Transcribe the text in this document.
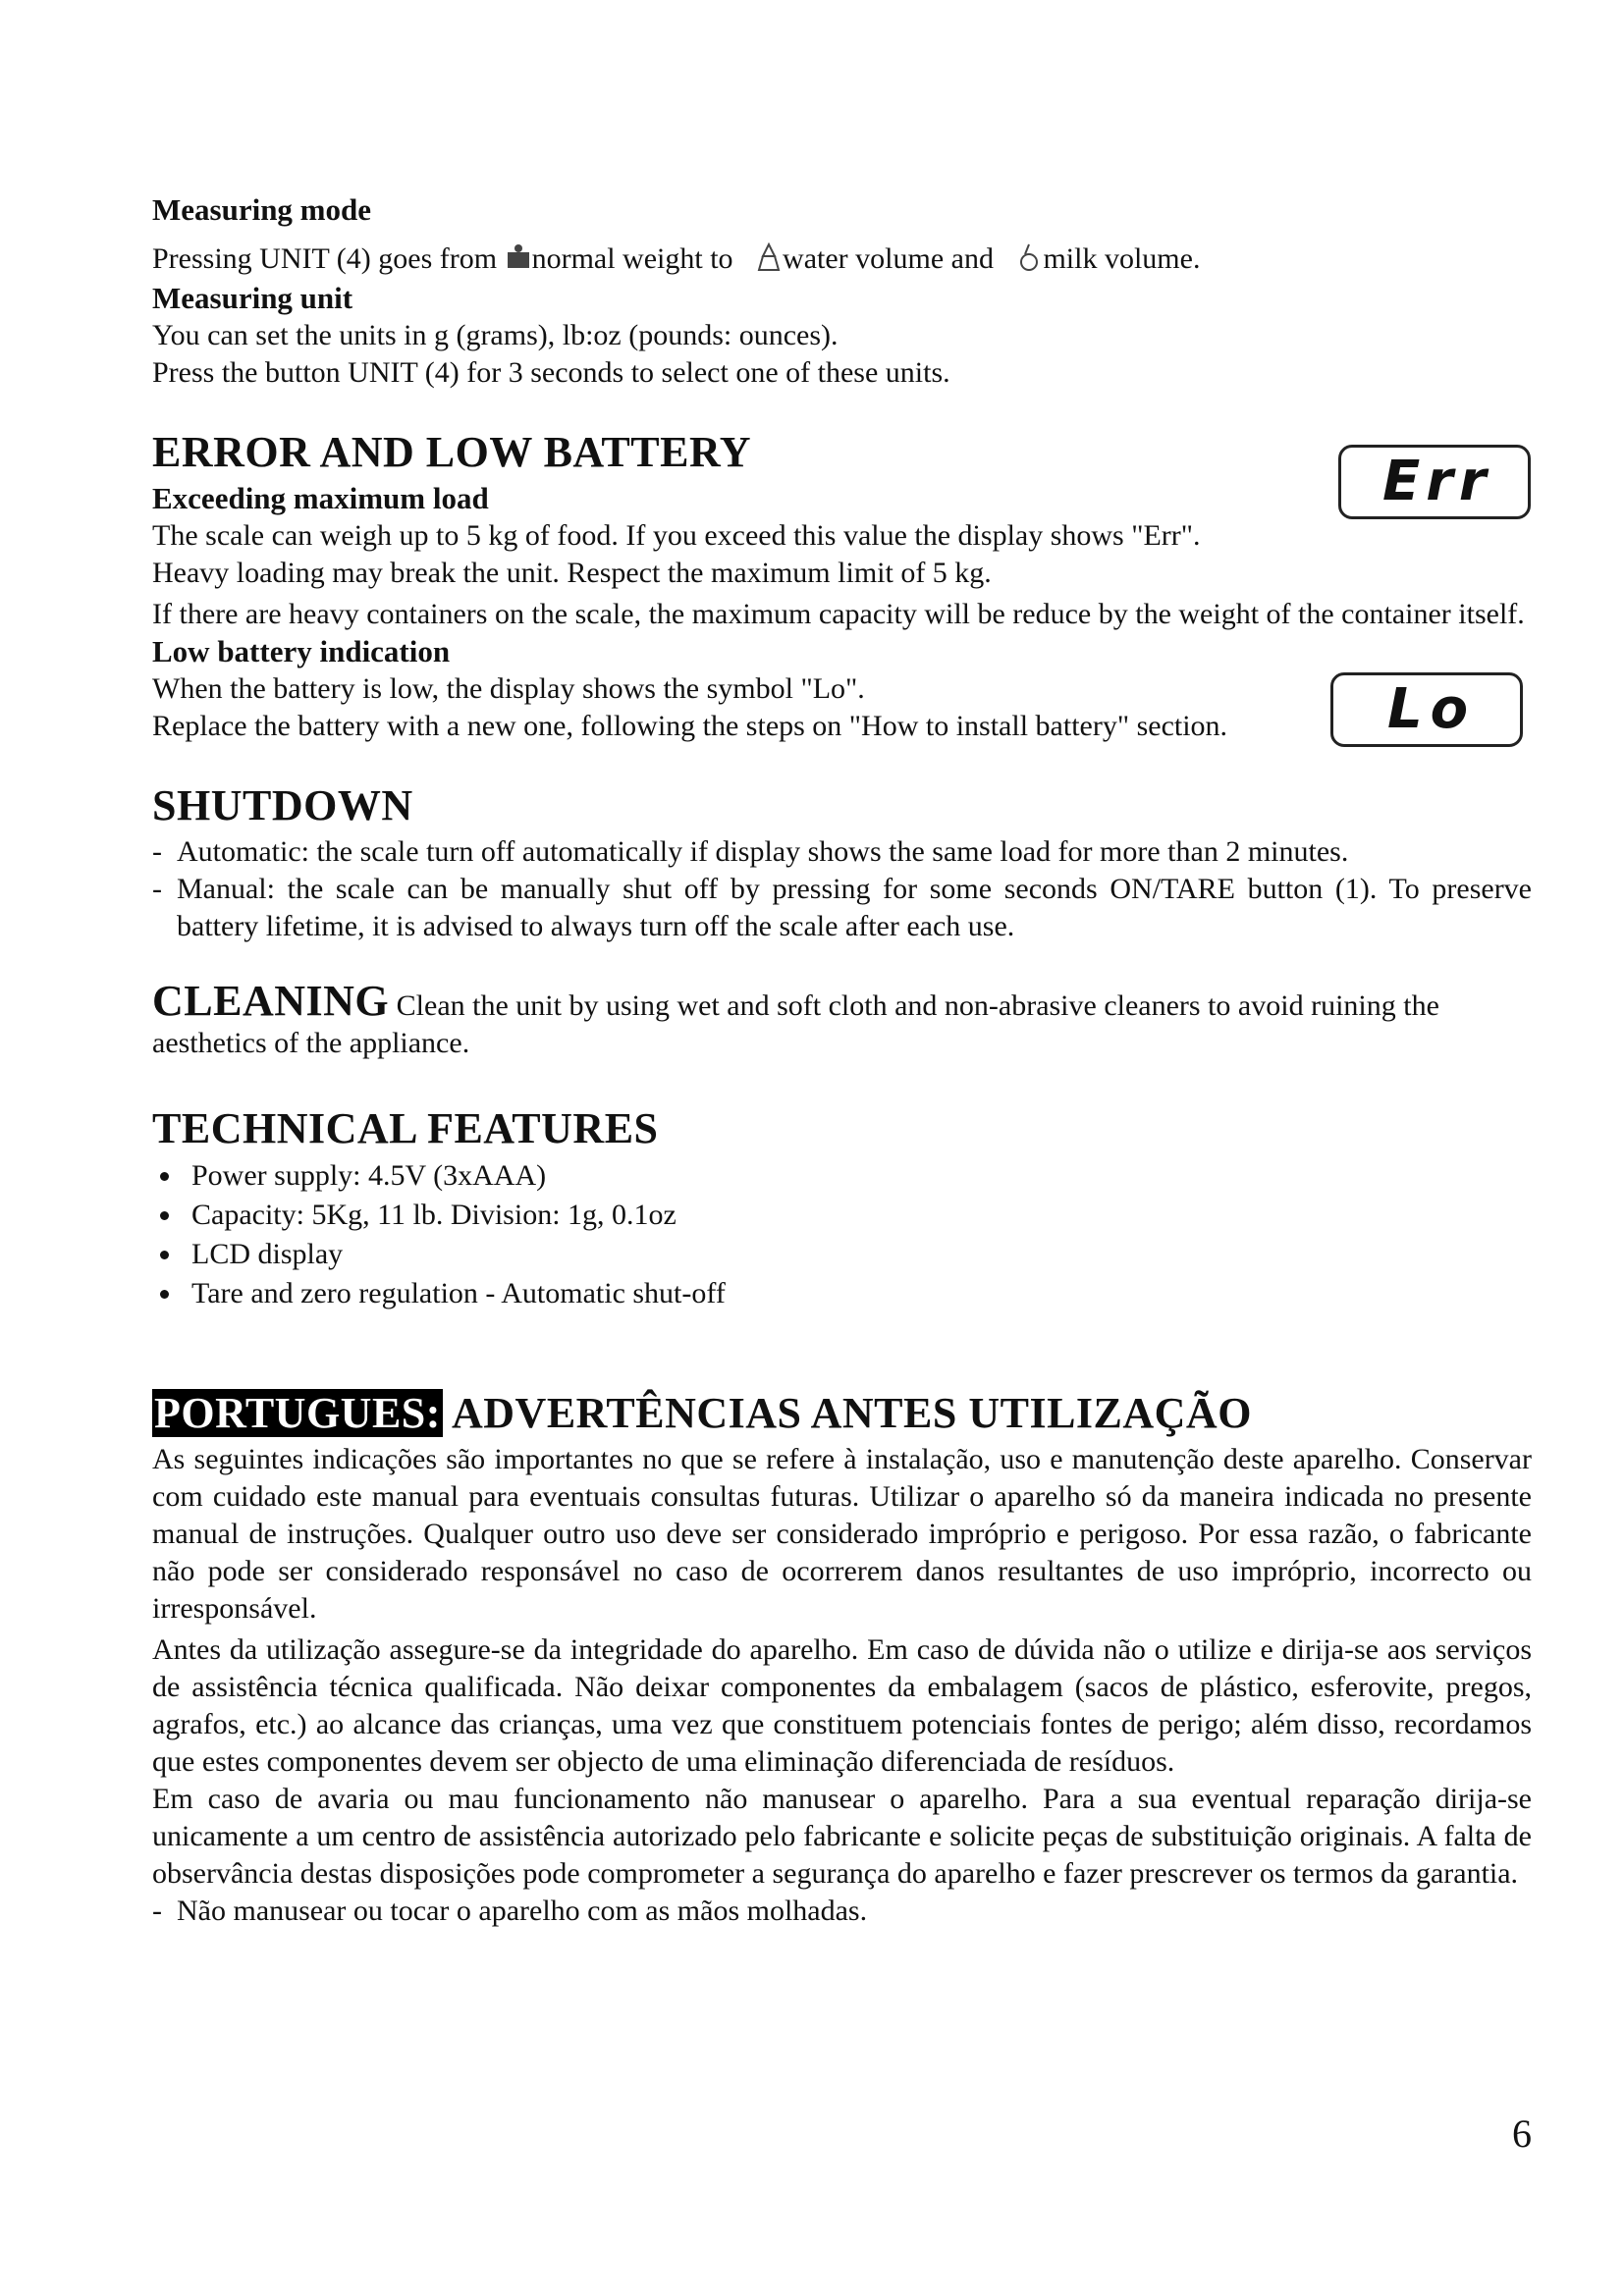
Err
Lo
Measuring mode

Pressing UNIT (4) goes from normal weight to   water volume and   milk volume.

Measuring unit

You can set the units in g (grams), lb:oz (pounds: ounces).

Press the button UNIT (4) for 3 seconds to select one of these units.

ERROR AND LOW BATTERY
Exceeding maximum load

The scale can weigh up to 5 kg of food. If you exceed this value the display shows "Err".

Heavy loading may break the unit. Respect the maximum limit of 5 kg.

If there are heavy containers on the scale, the maximum capacity will be reduce by the weight of the container itself.

Low battery indication

When the battery is low, the display shows the symbol "Lo".

Replace the battery with a new one, following the steps on "How to install battery" section.

SHUTDOWN
- Automatic: the scale turn off automatically if display shows the same load for more than 2 minutes.
- Manual: the scale can be manually shut off by pressing for some seconds ON/TARE button (1). To preserve battery lifetime, it is advised to always turn off the scale after each use.

CLEANING Clean the unit by using wet and soft cloth and non-abrasive cleaners to avoid ruining the aesthetics of the appliance.

TECHNICAL FEATURES
• Power supply: 4.5V (3xAAA)
• Capacity: 5Kg, 11 lb. Division: 1g, 0.1oz
• LCD display
• Tare and zero regulation - Automatic shut-off
PORTUGUES: ADVERTÊNCIAS ANTES UTILIZAÇÃO

As seguintes indicações são importantes no que se refere à instalação, uso e manutenção deste aparelho. Conservar com cuidado este manual para eventuais consultas futuras. Utilizar o aparelho só da maneira indicada no presente manual de instruções. Qualquer outro uso deve ser considerado impróprio e perigoso. Por essa razão, o fabricante não pode ser considerado responsável no caso de ocorrerem danos resultantes de uso impróprio, incorrecto ou irresponsável.

Antes da utilização assegure-se da integridade do aparelho. Em caso de dúvida não o utilize e dirija-se aos serviços de assistência técnica qualificada. Não deixar componentes da embalagem (sacos de plástico, esferovite, pregos, agrafos, etc.) ao alcance das crianças, uma vez que constituem potenciais fontes de perigo; além disso, recordamos que estes componentes devem ser objecto de uma eliminação diferenciada de resíduos.

Em caso de avaria ou mau funcionamento não manusear o aparelho. Para a sua eventual reparação dirija-se unicamente a um centro de assistência autorizado pelo fabricante e solicite peças de substituição originais. A falta de observância destas disposições pode comprometer a segurança do aparelho e fazer prescrever os termos da garantia.

- Não manusear ou tocar o aparelho com as mãos molhadas.
6
